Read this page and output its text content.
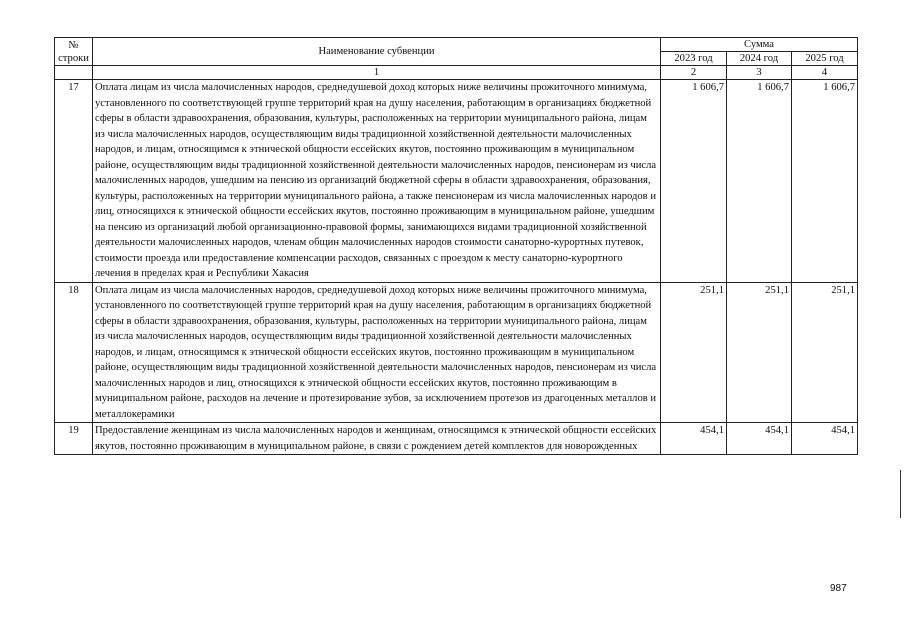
№
строки	Наименование субвенции	Сумма		
		2023 год	2024 год	2025 год
	1	2	3	4
17	Оплата лицам из числа малочисленных народов, среднедушевой доход которых ниже величины прожиточного минимума, установленного по соответствующей группе территорий края на душу населения, работающим в организациях бюджетной сферы в области здравоохранения, образования, культуры, расположенных на территории муниципального района, лицам из числа малочисленных народов, осуществляющим виды традиционной хозяйственной деятельности малочисленных народов, и лицам, относящимся к этнической общности ессейских якутов, постоянно проживающим в муниципальном районе, осуществляющим виды традиционной хозяйственной деятельности малочисленных народов, пенсионерам из числа малочисленных народов, ушедшим на пенсию из организаций бюджетной сферы в области здравоохранения, образования, культуры, расположенных на территории муниципального района, а также пенсионерам из числа малочисленных народов и лиц, относящихся к этнической общности ессейских якутов, постоянно проживающим в муниципальном районе, ушедшим на пенсию из организаций любой организационно-правовой формы, занимающихся видами традиционной хозяйственной деятельности малочисленных народов, членам общин малочисленных народов стоимости санаторно-курортных путевок, стоимости проезда или предоставление компенсации расходов, связанных с проездом к месту санаторно-курортного лечения в пределах края и Республики Хакасия	1 606,7	1 606,7	1 606,7
18	Оплата лицам из числа малочисленных народов, среднедушевой доход которых ниже величины прожиточного минимума, установленного по соответствующей группе территорий края на душу населения, работающим в организациях бюджетной сферы в области здравоохранения, образования, культуры, расположенных на территории муниципального района, лицам из числа малочисленных народов, осуществляющим виды традиционной хозяйственной деятельности малочисленных народов, и лицам, относящимся к этнической общности ессейских якутов, постоянно проживающим в муниципальном районе, осуществляющим виды традиционной хозяйственной деятельности малочисленных народов, пенсионерам из числа малочисленных народов и лиц, относящихся к этнической общности ессейских якутов, постоянно проживающим в муниципальном районе, расходов на лечение и протезирование зубов, за исключением протезов из драгоценных металлов и металлокерамики	251,1	251,1	251,1
19	Предоставление женщинам из числа малочисленных народов и женщинам, относящимся к этнической общности ессейских якутов, постоянно проживающим в муниципальном районе, в связи с рождением детей комплектов для новорожденных	454,1	454,1	454,1
987
